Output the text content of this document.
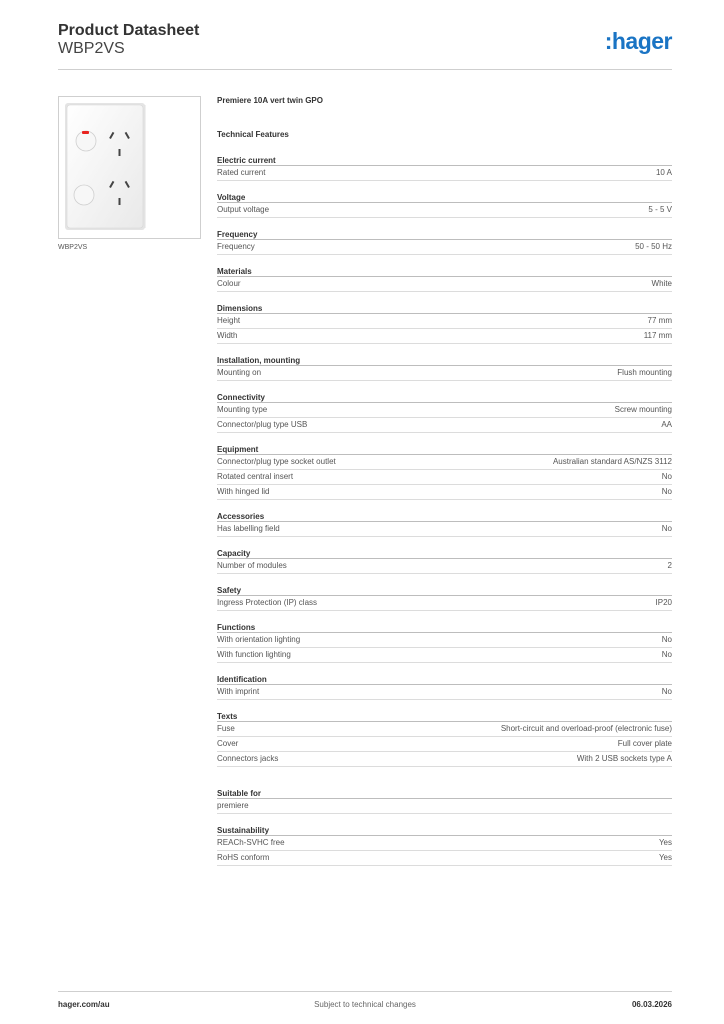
Product Datasheet
WBP2VS	:hager
WBP2VS
Premiere 10A vert twin GPO
Technical Features
Electric current
Rated current	10 A
Voltage
Output voltage	5 - 5 V
Frequency
Frequency	50 - 50 Hz
Materials
Colour	White
Dimensions
Height	77 mm
Width	117 mm
Installation, mounting
Mounting on	Flush mounting
Connectivity
Mounting type	Screw mounting
Connector/plug type USB	AA
Equipment
Connector/plug type socket outlet	Australian standard AS/NZS 3112
Rotated central insert	No
With hinged lid	No
Accessories
Has labelling field	No
Capacity
Number of modules	2
Safety
Ingress Protection (IP) class	IP20
Functions
With orientation lighting	No
With function lighting	No
Identification
With imprint	No
Texts
Fuse	Short-circuit and overload-proof (electronic fuse)
Cover	Full cover plate
Connectors jacks	With 2 USB sockets type A
Suitable for
premiere
Sustainability
REACh-SVHC free	Yes
RoHS conform	Yes
hager.com/au	Subject to technical changes	06.03.2026
